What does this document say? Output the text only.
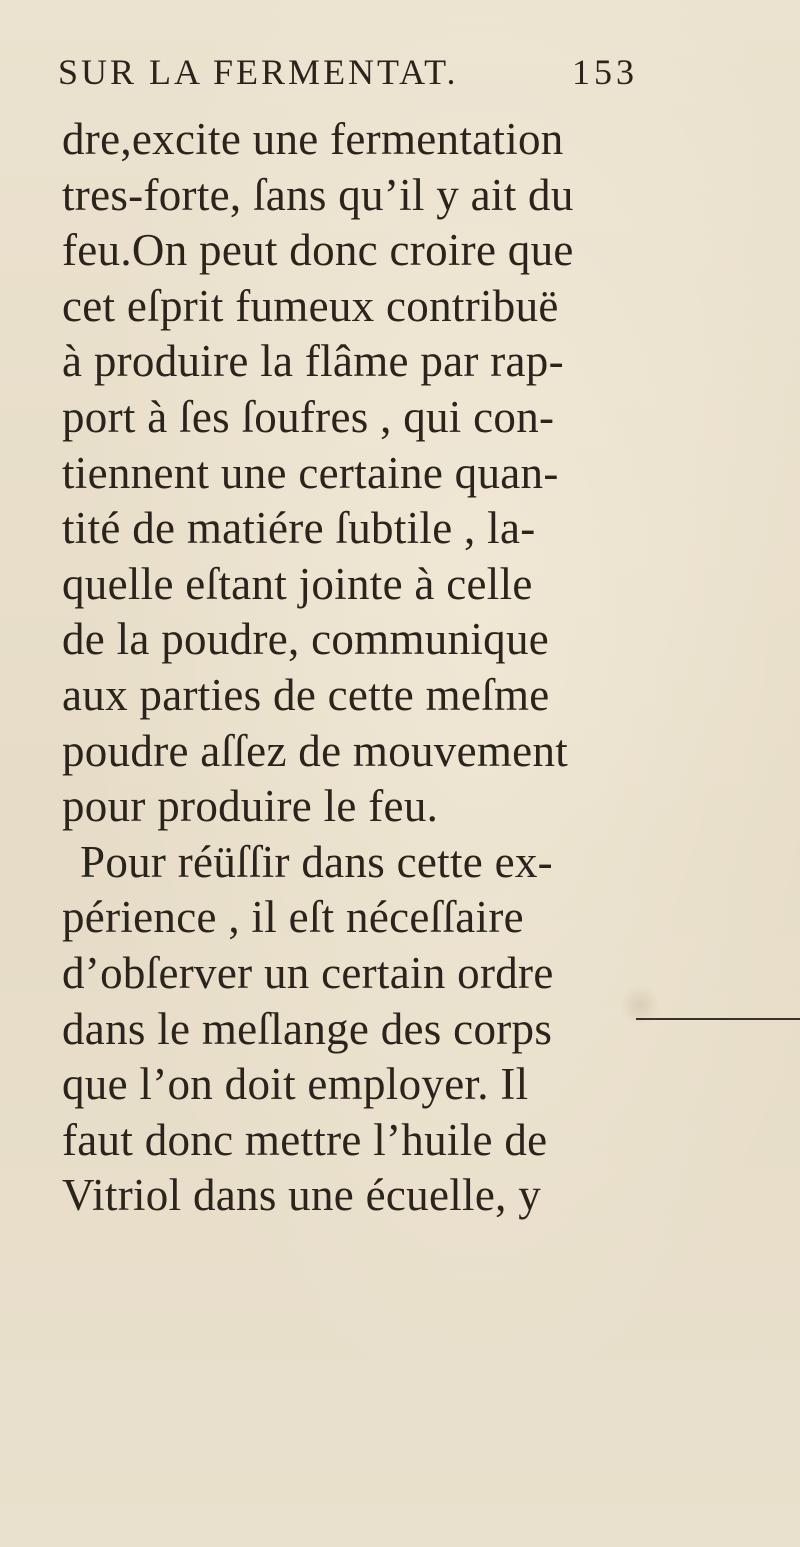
SUR LA FERMENTAT.	153
dre,excite une fermentation
tres-forte, ſans qu’il y ait du
feu.On peut donc croire que
cet eſprit fumeux contribuë
à produire la flâme par rap-
port à ſes ſoufres , qui con-
tiennent une certaine quan-
tité de matiére ſubtile , la-
quelle eſtant jointe à celle
de la poudre, communique
aux parties de cette meſme
poudre aſſez de mouvement
pour produire le feu.
Pour réüſſir dans cette ex-
périence , il eſt néceſſaire
d’obſerver un certain ordre
dans le meſlange des corps
que l’on doit employer. Il
faut donc mettre l’huile de
Vitriol dans une écuelle, y
